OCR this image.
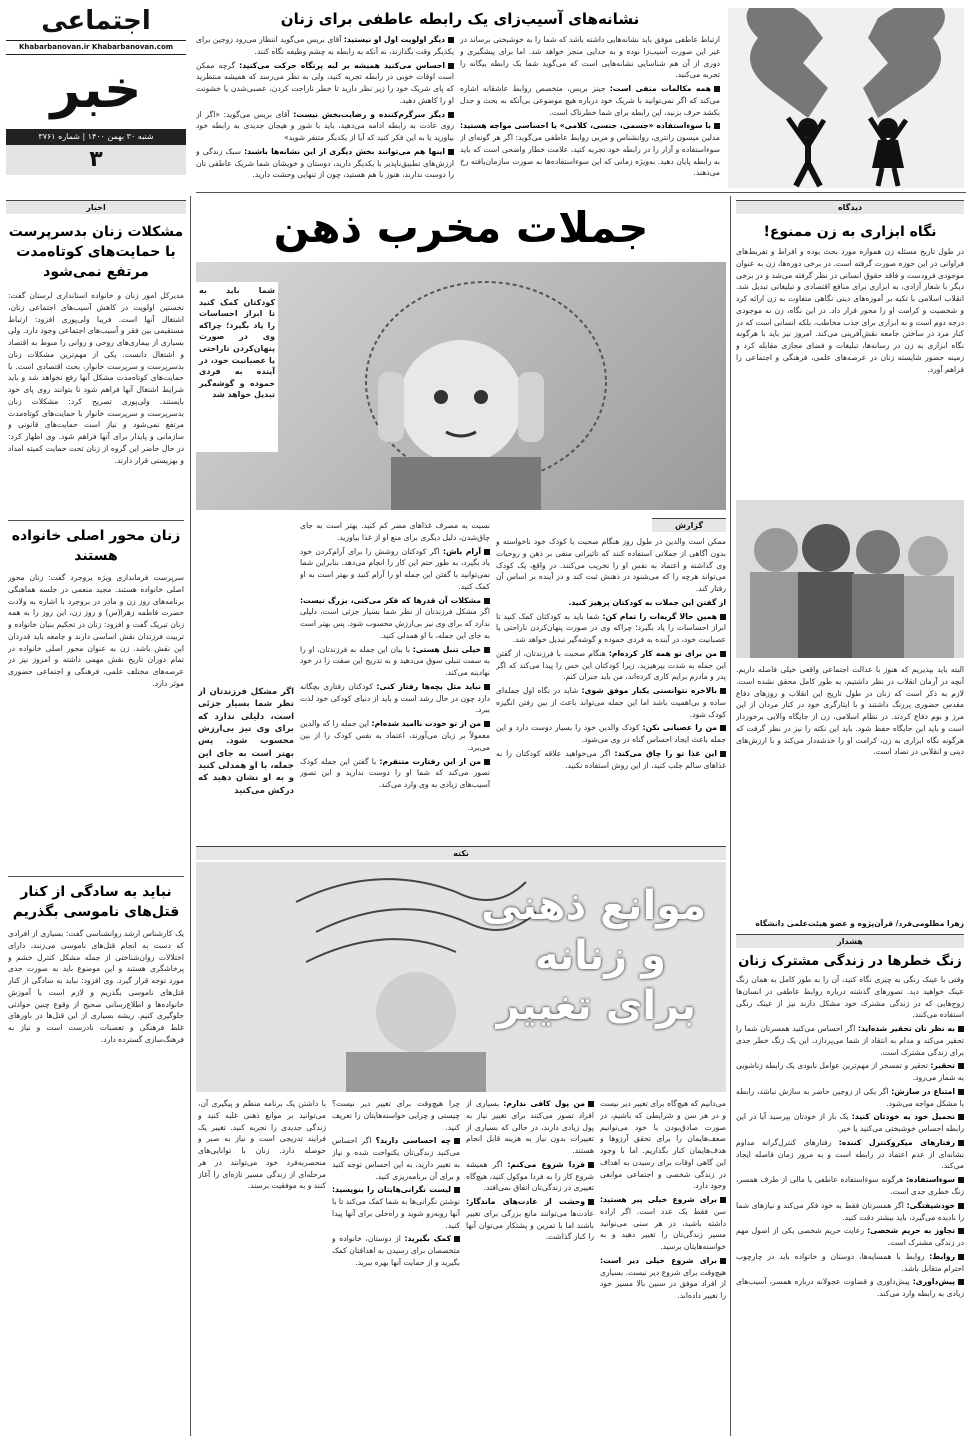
اجتماعی
Khabarbanovan.ir Khabarbanovan.com
خبر
شنبه ۳۰ بهمن ۱۴۰۰ | شماره ۳۷۶۱
۳
نشانه‌های آسیب‌زای یک رابطه عاطفی برای زنان

ارتباط عاطفی موفق باید نشانه‌هایی داشته باشد که شما را به خوشبختی برساند در غیر این صورت آسیب‌زا بوده و به جدایی منجر خواهد شد. اما برای پیشگیری و دوری از آن هم شناسایی نشانه‌هایی است که می‌گوید شما یک رابطه بیگانه را تجربه می‌کنید.

همه مکالمات منفی است: جینز بریس، متخصص روابط عاشقانه اشاره می‌کند که اگر نمی‌توانید با شریک خود درباره هیچ موضوعی بی‌آنکه به بحث و جدل بکشد حرف بزنید، این رابطه برای شما خطرناک است.

با سوءاستفاده «جسمی، جنسی، کلامی» یا احساسی مواجه هستید: مدلین میسون رانتری، روانشناس و مربی روابط عاطفی می‌گوید: اگر هر گونه‌ای از سوءاستفاده و آزار را در رابطه خود تجربه کنید، علامت خطار واضحی است که باید به رابطه پایان دهید. به‌ویژه زمانی که این سوءاستفاده‌ها به صورت سازمان‌یافته رخ می‌دهند.

دیگر اولویت اول او نیستید: آقای بریس می‌گوید انتظار می‌رود زوجین برای یکدیگر وقت بگذارند، نه آنکه به رابطه به چشم وظیفه نگاه کنند.

احساس می‌کنید همیشه بر لبه پرتگاه حرکت می‌کنید: گرچه ممکن است اوقات خوبی در رابطه تجربه کنید، ولی به نظر می‌رسد که همیشه منتظرید که پای شریک خود را زیر نظر دارید تا خطر ناراحت کردن، عصبی‌شدن یا خشونت او را کاهش دهید.

دیگر سرگرم‌کننده و رضایت‌بخش نیست: آقای بریس می‌گوید: «اگر از روی عادت به رابطه ادامه می‌دهید، باید با شور و هیجان جدیدی به رابطه خود بیاورید یا به این فکر کنید که آیا از یکدیگر متنفر شوید»

اینها هم می‌توانند بخش دیگری از این نشانه‌ها باشند: سبک زندگی و ارزش‌های تطبیق‌ناپذیر با یکدیگر دارید، دوستان و خویشان شما شریک عاطفی تان را دوست ندارند، هنوز با هم هستید، چون از تنهایی وحشت دارید.

اخبار
مشکلات زنان بدسرپرست با حمایت‌های کوتاه‌مدت مرتفع نمی‌شود
مدیرکل امور زنان و خانواده استانداری لرستان گفت: نخستین اولویت در کاهش آسیب‌های اجتماعی زنان، اشتغال آنها است. فریبا ولی‌پوری افزود: ارتباط مستقیمی بین فقر و آسیب‌های اجتماعی وجود دارد. ولی بسیاری از بیماری‌های روحی و روانی را منوط به اقتصاد و اشتغال دانست. یکی از مهم‌ترین مشکلات زنان بدسرپرست و سرپرست خانوار، بحث اقتصادی است. با حمایت‌های کوتاه‌مدت مشکل آنها رفع نخواهد شد و باید شرایط اشتغال آنها فراهم شود تا بتوانند روی پای خود بایستند. ولی‌پوری تصریح کرد: مشکلات زنان بدسرپرست و سرپرست خانوار با حمایت‌های کوتاه‌مدت مرتفع نمی‌شود و نیاز است حمایت‌های قانونی و سازمانی و پایدار برای آنها فراهم شود. وی اظهار کرد: در حال حاضر این گروه از زنان تحت حمایت کمیته امداد و بهزیستی قرار دارند.
زنان محور اصلی خانواده هستند
سرپرست فرمانداری ویژه بروجرد گفت: زنان محور اصلی خانواده هستند. مجید منعمی در جلسه هماهنگی برنامه‌های روز زن و مادر در بروجرد با اشاره به ولادت حضرت فاطمه زهرا(س) و روز زن، این روز را به همه زنان تبریک گفت و افزود: زنان در تحکیم بنیان خانواده و تربیت فرزندان نقش اساسی دارند و جامعه باید قدردان این نقش باشد. زن به عنوان محور اصلی خانواده در تمام دوران تاریخ نقش مهمی داشته و امروز نیز در عرصه‌های مختلف علمی، فرهنگی و اجتماعی حضوری موثر دارد.
نباید به سادگی از کنار قتل‌های ناموسی بگذریم
یک کارشناس ارشد روانشناسی گفت: بسیاری از افرادی که دست به انجام قتل‌های ناموسی می‌زنند، دارای اختلالات روان‌شناختی از جمله مشکل کنترل خشم و پرخاشگری هستند و این موضوع باید به صورت جدی مورد توجه قرار گیرد. وی افزود: نباید به سادگی از کنار قتل‌های ناموسی بگذریم و لازم است با آموزش خانواده‌ها و اطلاع‌رسانی صحیح از وقوع چنین حوادثی جلوگیری کنیم. ریشه بسیاری از این قتل‌ها در باورهای غلط فرهنگی و تعصبات نادرست است و نیاز به فرهنگ‌سازی گسترده دارد.
جملات مخرب ذهن
شما باید به کودکتان کمک کنید تا ابراز احساسات را یاد بگیرد؛ چراکه وی در صورت پنهان‌کردن ناراحتی یا عصبانیت خود، در آینده به فردی خموده و گوشه‌گیر تبدیل خواهد شد
گزارش

ممکن است والدین در طول روز هنگام صحبت با کودک خود ناخواسته و بدون آگاهی از جملاتی استفاده کنند که تاثیراتی منفی بر ذهن و روحیات وی گذاشته و اعتماد به نفس او را تخریب می‌کنند. در واقع، یک کودک می‌تواند هرچه را که می‌شنود در ذهنش ثبت کند و در آینده بر اساس آن رفتار کند.

از گفتن این جملات به کودکتان پرهیز کنید.

همین حالا گریه‌ات را تمام کن: شما باید به کودکتان کمک کنید تا ابراز احساسات را یاد بگیرد؛ چراکه وی در صورت پنهان‌کردن ناراحتی یا عصبانیت خود، در آینده به فردی خموده و گوشه‌گیر تبدیل خواهد شد.

من برای تو همه کار کرده‌ام: هنگام صحبت با فرزندتان، از گفتن این جمله به شدت بپرهیزید. زیرا کودکتان این حس را پیدا می‌کند که اگر پدر و مادرم برایم کاری کرده‌اند، من باید جبران کنم.

بالاخره نتوانستی یکبار موفق شوی: شاید در نگاه اول جمله‌ای ساده و بی‌اهمیت باشد اما این جمله می‌تواند باعث از بین رفتن انگیزه کودک شود.

من را عصبانی نکن: کودک والدین خود را بسیار دوست دارد و این جمله باعث ایجاد احساس گناه در وی می‌شود.

این غذا تو را چاق می‌کند: اگر می‌خواهید علاقه کودکتان را به غذاهای سالم جلب کنید، از این روش استفاده نکنید.

نسبت به مصرف غذاهای مضر کم کنید. بهتر است به جای چاق‌شدن، دلیل دیگری برای منع او از غذا بیاورید.

آرام باش: اگر کودکتان روشش را برای آرام‌کردن خود یاد بگیرد، به طور حتم این کار را انجام می‌دهد. بنابراین شما نمی‌توانید با گفتن این جمله او را آرام کنید و بهتر است به او کمک کنید.

مشکلات آن قدرها که فکر می‌کنی، بزرگ نیست: اگر مشکل فرزندتان از نظر شما بسیار جزئی است، دلیلی ندارد که برای وی نیز بی‌ارزش محسوب شود. پس بهتر است به جای این جمله، با او همدلی کنید.

خیلی تنبل هستی: با بیان این جمله به فرزندتان، او را به سمت تنبلی سوق می‌دهید و به تدریج این صفت را در خود نهادینه می‌کند.

نباید مثل بچه‌ها رفتار کنی: کودکتان رفتاری بچگانه دارد چون در حال رشد است و باید از دنیای کودکی خود لذت ببرد.

من از تو خودت ناامید شده‌ام: این جمله را که والدین معمولاً بر زبان می‌آورند، اعتماد به نفس کودک را از بین می‌برد.

من از این رفتارت متنفرم: با گفتن این جمله کودک تصور می‌کند که شما او را دوست ندارید و این تصور آسیب‌های زیادی به وی وارد می‌کند.

اگر مشکل فرزندتان از نظر شما بسیار جزئی است، دلیلی ندارد که برای وی نیز بی‌ارزش محسوب شود. پس بهتر است به جای این جمله، با او همدلی کنید و به او نشان دهید که درکش می‌کنید
دیدگاه
نگاه ابزاری به زن ممنوع!
در طول تاریخ مسئله زن همواره مورد بحث بوده و افراط و تفریط‌های فراوانی در این حوزه صورت گرفته است. در برخی دوره‌ها، زن به عنوان موجودی فرودست و فاقد حقوق انسانی در نظر گرفته می‌شد و در برخی دیگر با شعار آزادی، به ابزاری برای منافع اقتصادی و تبلیغاتی تبدیل شد. انقلاب اسلامی با تکیه بر آموزه‌های دینی نگاهی متفاوت به زن ارائه کرد و شخصیت و کرامت او را محور قرار داد. در این نگاه، زن نه موجودی درجه دوم است و نه ابزاری برای جذب مخاطب، بلکه انسانی است که در کنار مرد در ساختن جامعه نقش‌آفرینی می‌کند. امروز نیز باید با هرگونه نگاه ابزاری به زن در رسانه‌ها، تبلیغات و فضای مجازی مقابله کرد و زمینه حضور شایسته زنان در عرصه‌های علمی، فرهنگی و اجتماعی را فراهم آورد.
البته باید بپذیریم که هنوز با عدالت اجتماعی واقعی خیلی فاصله داریم. آنچه در آرمان انقلاب در نظر داشتیم، به طور کامل محقق نشده است. لازم به ذکر است که زنان در طول تاریخ این انقلاب و روزهای دفاع مقدس حضوری پررنگ داشتند و با ایثارگری خود در کنار مردان از این مرز و بوم دفاع کردند. در نظام اسلامی، زن از جایگاه والایی برخوردار است و باید این جایگاه حفظ شود. باید این نکته را نیز در نظر گرفت که هرگونه نگاه ابزاری به زن، کرامت او را خدشه‌دار می‌کند و با ارزش‌های دینی و انقلابی در تضاد است.
زهرا مظلومی‌فرد/ قرآن‌پژوه و عضو هیئت‌علمی دانشگاه
هشدار
زنگ خطرها در زندگی مشترک زنان

وقتی با عینک رنگی به چیزی نگاه کنید، آن را به طور کامل به همان رنگ عینک خواهید دید. تصورهای گذشته درباره روابط عاطفی در انسان‌ها زوج‌هایی که در زندگی مشترک خود مشکل دارند نیز از عینک رنگی استفاده می‌کنند.

به نظر تان تحقیر شده‌اید: اگر احساس می‌کنید همسرتان شما را تحقیر می‌کند و مدام به انتقاد از شما می‌پردازد، این یک زنگ خطر جدی برای زندگی مشترک است.

تحقیر: تحقیر و تمسخر از مهم‌ترین عوامل نابودی یک رابطه زناشویی به شمار می‌رود.

امتناع در سازش: اگر یکی از زوجین حاضر به سازش نباشد، رابطه با مشکل مواجه می‌شود.

تحمیل خود به خودتان کنید: یک بار از خودتان بپرسید آیا در این رابطه احساس خوشبختی می‌کنید یا خیر.

رفتارهای میکروکنترل کننده: رفتارهای کنترل‌گرانه مداوم نشانه‌ای از عدم اعتماد در رابطه است و به مرور زمان فاصله ایجاد می‌کند.

سوءاستفاده: هرگونه سوءاستفاده عاطفی یا مالی از طرف همسر، زنگ خطری جدی است.

خودشیفتگی: اگر همسرتان فقط به خود فکر می‌کند و نیازهای شما را نادیده می‌گیرد، باید بیشتر دقت کنید.

تجاوز به حریم شخصی: رعایت حریم شخصی یکی از اصول مهم در زندگی مشترک است.

روابط: روابط با همسایه‌ها، دوستان و خانواده باید در چارچوب احترام متقابل باشد.

پیش‌داوری: پیش‌داوری و قضاوت عجولانه درباره همسر، آسیب‌های زیادی به رابطه وارد می‌کند.

نکته
موانع ذهنی
و زنانه
برای تغییر

می‌دانیم که هیچ‌گاه برای تغییر دیر نیست و در هر سن و شرایطی که باشیم، در صورت صادق‌بودن با خود می‌توانیم ضعف‌هایمان را برای تحقق آرزوها و هدف‌هایمان کنار بگذاریم. اما با وجود این گاهی اوقات برای رسیدن به اهداف در زندگی شخصی و اجتماعی موانعی وجود دارد.

برای شروع خیلی پیر هستید: سن فقط یک عدد است. اگر اراده داشته باشید، در هر سنی می‌توانید مسیر زندگی‌تان را تغییر دهید و به خواسته‌هایتان برسید.

برای شروع خیلی دیر است: هیچ‌وقت برای شروع دیر نیست. بسیاری از افراد موفق در سنین بالا مسیر خود را تغییر داده‌اند.

من پول کافی ندارم: بسیاری از افراد تصور می‌کنند برای تغییر نیاز به پول زیادی دارند، در حالی که بسیاری از تغییرات بدون نیاز به هزینه قابل انجام هستند.

فردا شروع می‌کنم: اگر همیشه شروع کار را به فردا موکول کنید، هیچ‌گاه تغییری در زندگی‌تان اتفاق نمی‌افتد.

وحشت از عادت‌های ماندگار: عادت‌ها می‌توانند مانع بزرگی برای تغییر باشند اما با تمرین و پشتکار می‌توان آنها را کنار گذاشت.

چرا هیچ‌وقت برای تغییر دیر نیست؟ چیستی و چرایی خواسته‌هایتان را تعریف کنید.

چه احساسی دارید؟ اگر احساس می‌کنید زندگی‌تان یکنواخت شده و نیاز به تغییر دارید، به این احساس توجه کنید و برای آن برنامه‌ریزی کنید.

لیست نگرانی‌هایتان را بنویسید: نوشتن نگرانی‌ها به شما کمک می‌کند تا با آنها روبه‌رو شوید و راه‌حلی برای آنها پیدا کنید.

کمک بگیرید: از دوستان، خانواده و متخصصان برای رسیدن به اهدافتان کمک بگیرید و از حمایت آنها بهره ببرید.

با داشتن یک برنامه منظم و پیگیری آن، می‌توانید بر موانع ذهنی غلبه کنید و زندگی جدیدی را تجربه کنید. تغییر یک فرایند تدریجی است و نیاز به صبر و حوصله دارد. زنان با توانایی‌های منحصربه‌فرد خود می‌توانند در هر مرحله‌ای از زندگی مسیر تازه‌ای را آغاز کنند و به موفقیت برسند.
